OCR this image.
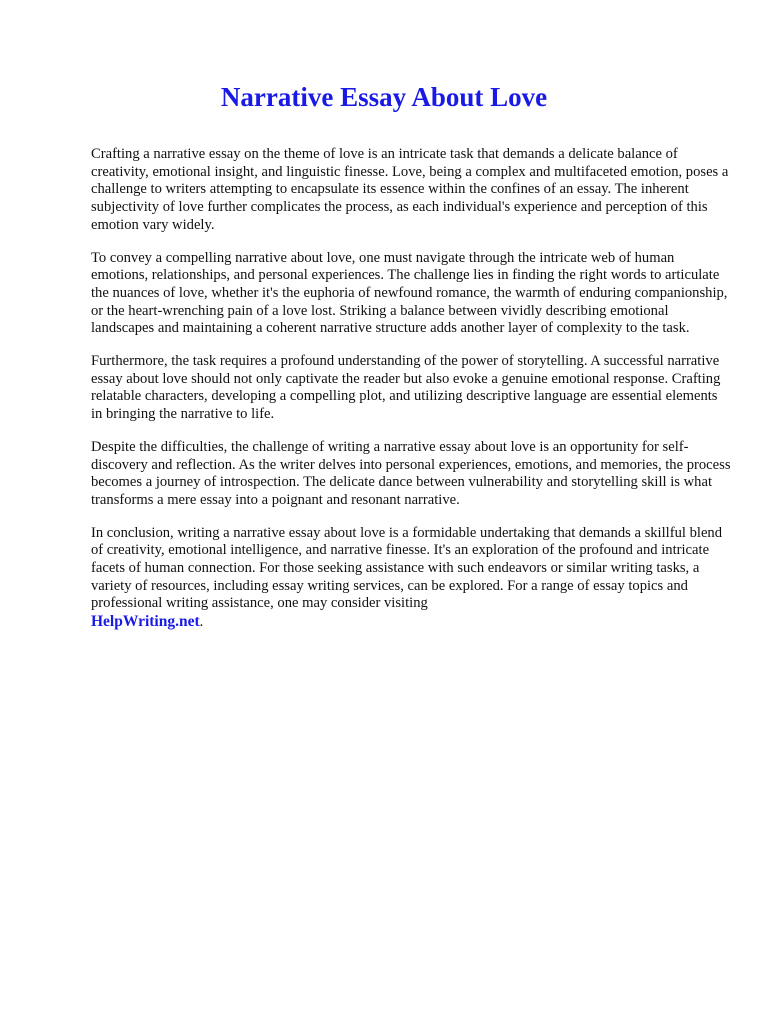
Narrative Essay About Love

Crafting a narrative essay on the theme of love is an intricate task that demands a delicate balance of creativity, emotional insight, and linguistic finesse. Love, being a complex and multifaceted emotion, poses a challenge to writers attempting to encapsulate its essence within the confines of an essay. The inherent subjectivity of love further complicates the process, as each individual's experience and perception of this emotion vary widely.

To convey a compelling narrative about love, one must navigate through the intricate web of human emotions, relationships, and personal experiences. The challenge lies in finding the right words to articulate the nuances of love, whether it's the euphoria of newfound romance, the warmth of enduring companionship, or the heart-wrenching pain of a love lost. Striking a balance between vividly describing emotional landscapes and maintaining a coherent narrative structure adds another layer of complexity to the task.

Furthermore, the task requires a profound understanding of the power of storytelling. A successful narrative essay about love should not only captivate the reader but also evoke a genuine emotional response. Crafting relatable characters, developing a compelling plot, and utilizing descriptive language are essential elements in bringing the narrative to life.

Despite the difficulties, the challenge of writing a narrative essay about love is an opportunity for self-discovery and reflection. As the writer delves into personal experiences, emotions, and memories, the process becomes a journey of introspection. The delicate dance between vulnerability and storytelling skill is what transforms a mere essay into a poignant and resonant narrative.

In conclusion, writing a narrative essay about love is a formidable undertaking that demands a skillful blend of creativity, emotional intelligence, and narrative finesse. It's an exploration of the profound and intricate facets of human connection. For those seeking assistance with such endeavors or similar writing tasks, a variety of resources, including essay writing services, can be explored. For a range of essay topics and professional writing assistance, one may consider visiting
HelpWriting.net.
